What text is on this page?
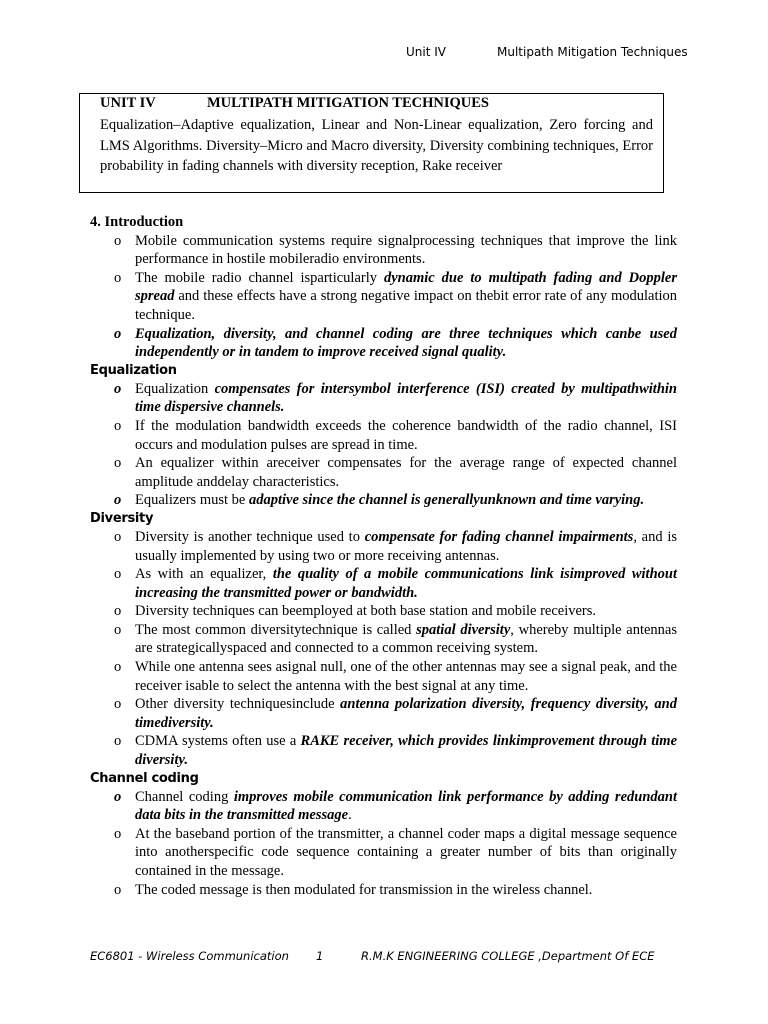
Unit IV	Multipath Mitigation Techniques
UNIT IV	MULTIPATH MITIGATION TECHNIQUES
Equalization–Adaptive equalization, Linear and Non-Linear equalization, Zero forcing and LMS Algorithms. Diversity–Micro and Macro diversity, Diversity combining techniques, Error probability in fading channels with diversity reception, Rake receiver

4. Introduction

o Mobile communication systems require signalprocessing techniques that improve the link performance in hostile mobileradio environments.
o The mobile radio channel isparticularly dynamic due to multipath fading and Doppler spread and these effects have a strong negative impact on thebit error rate of any modulation technique.
o Equalization, diversity, and channel coding are three techniques which canbe used independently or in tandem to improve received signal quality.

Equalization

o Equalization compensates for intersymbol interference (ISI) created by multipathwithin time dispersive channels.
o If the modulation bandwidth exceeds the coherence bandwidth of the radio channel, ISI occurs and modulation pulses are spread in time.
o An equalizer within areceiver compensates for the average range of expected channel amplitude anddelay characteristics.
o Equalizers must be adaptive since the channel is generallyunknown and time varying.

Diversity

o Diversity is another technique used to compensate for fading channel impairments, and is usually implemented by using two or more receiving antennas.
o As with an equalizer, the quality of a mobile communications link isimproved without increasing the transmitted power or bandwidth.
o Diversity techniques can beemployed at both base station and mobile receivers.
o The most common diversitytechnique is called spatial diversity, whereby multiple antennas are strategicallyspaced and connected to a common receiving system.
o While one antenna sees asignal null, one of the other antennas may see a signal peak, and the receiver isable to select the antenna with the best signal at any time.
o Other diversity techniquesinclude antenna polarization diversity, frequency diversity, and timediversity.
o CDMA systems often use a RAKE receiver, which provides linkimprovement through time diversity.

Channel coding

o Channel coding improves mobile communication link performance by adding redundant data bits in the transmitted message.
o At the baseband portion of the transmitter, a channel coder maps a digital message sequence into anotherspecific code sequence containing a greater number of bits than originally contained in the message.
o The coded message is then modulated for transmission in the wireless channel.
EC6801 - Wireless Communication 1	R.M.K ENGINEERING COLLEGE ,Department Of ECE
